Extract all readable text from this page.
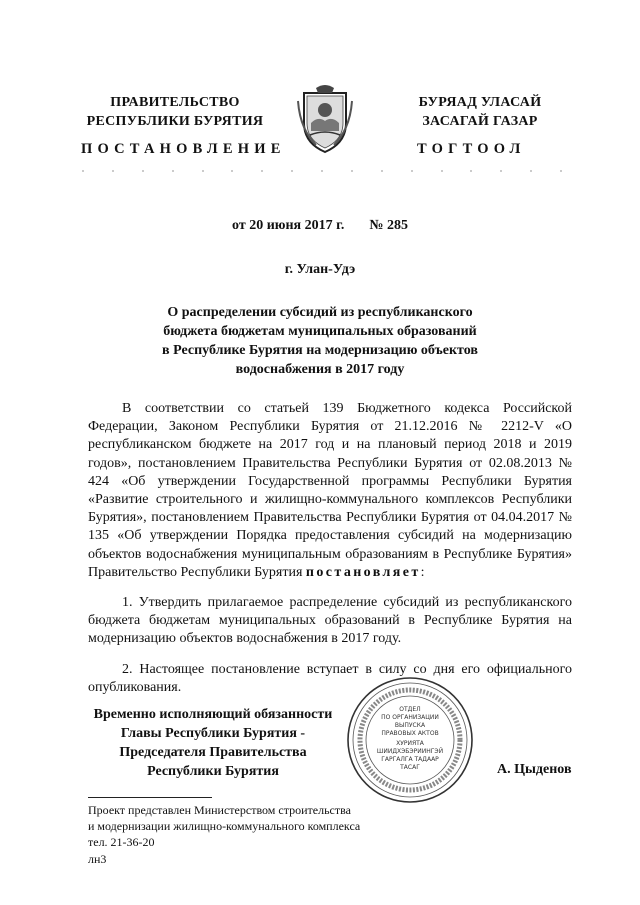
ПРАВИТЕЛЬСТВО
РЕСПУБЛИКИ БУРЯТИЯ
БУРЯАД УЛАСАЙ
ЗАСАГАЙ ГАЗАР
ПОСТАНОВЛЕНИЕ	ТОГТООЛ
от 20 июня 2017 г. № 285
г. Улан-Удэ
О распределении субсидий из республиканского
бюджета бюджетам муниципальных образований
в Республике Бурятия на модернизацию объектов
водоснабжения в 2017 году

В соответствии со статьей 139 Бюджетного кодекса Российской Федерации, Законом Республики Бурятия от 21.12.2016 № 2212-V «О республиканском бюджете на 2017 год и на плановый период 2018 и 2019 годов», постановлением Правительства Республики Бурятия от 02.08.2013 № 424 «Об утверждении Государственной программы Республики Бурятия «Развитие строительного и жилищно-коммунального комплексов Республики Бурятия», постановлением Правительства Республики Бурятия от 04.04.2017 № 135 «Об утверждении Порядка предоставления субсидий на модернизацию объектов водоснабжения муниципальным образованиям в Республике Бурятия» Правительство Республики Бурятия постановляет:

1. Утвердить прилагаемое распределение субсидий из республиканского бюджета бюджетам муниципальных образований в Республике Бурятия на модернизацию объектов водоснабжения в 2017 году.

2. Настоящее постановление вступает в силу со дня его официального опубликования.

Временно исполняющий обязанности
Главы Республики Бурятия -
Председателя Правительства
Республики Бурятия
ОТДЕЛ
ПО ОРГАНИЗАЦИИ
ВЫПУСКА
ПРАВОВЫХ АКТОВ
ХУРИЯТА
ШИИДХЭБЭРИИНГЭЙ
ГАРГАЛГА ТАДААР
ТАСАГ	А. Цыденов
Проект представлен Министерством строительства
и модернизации жилищно-коммунального комплекса
тел. 21-36-20
лн3
